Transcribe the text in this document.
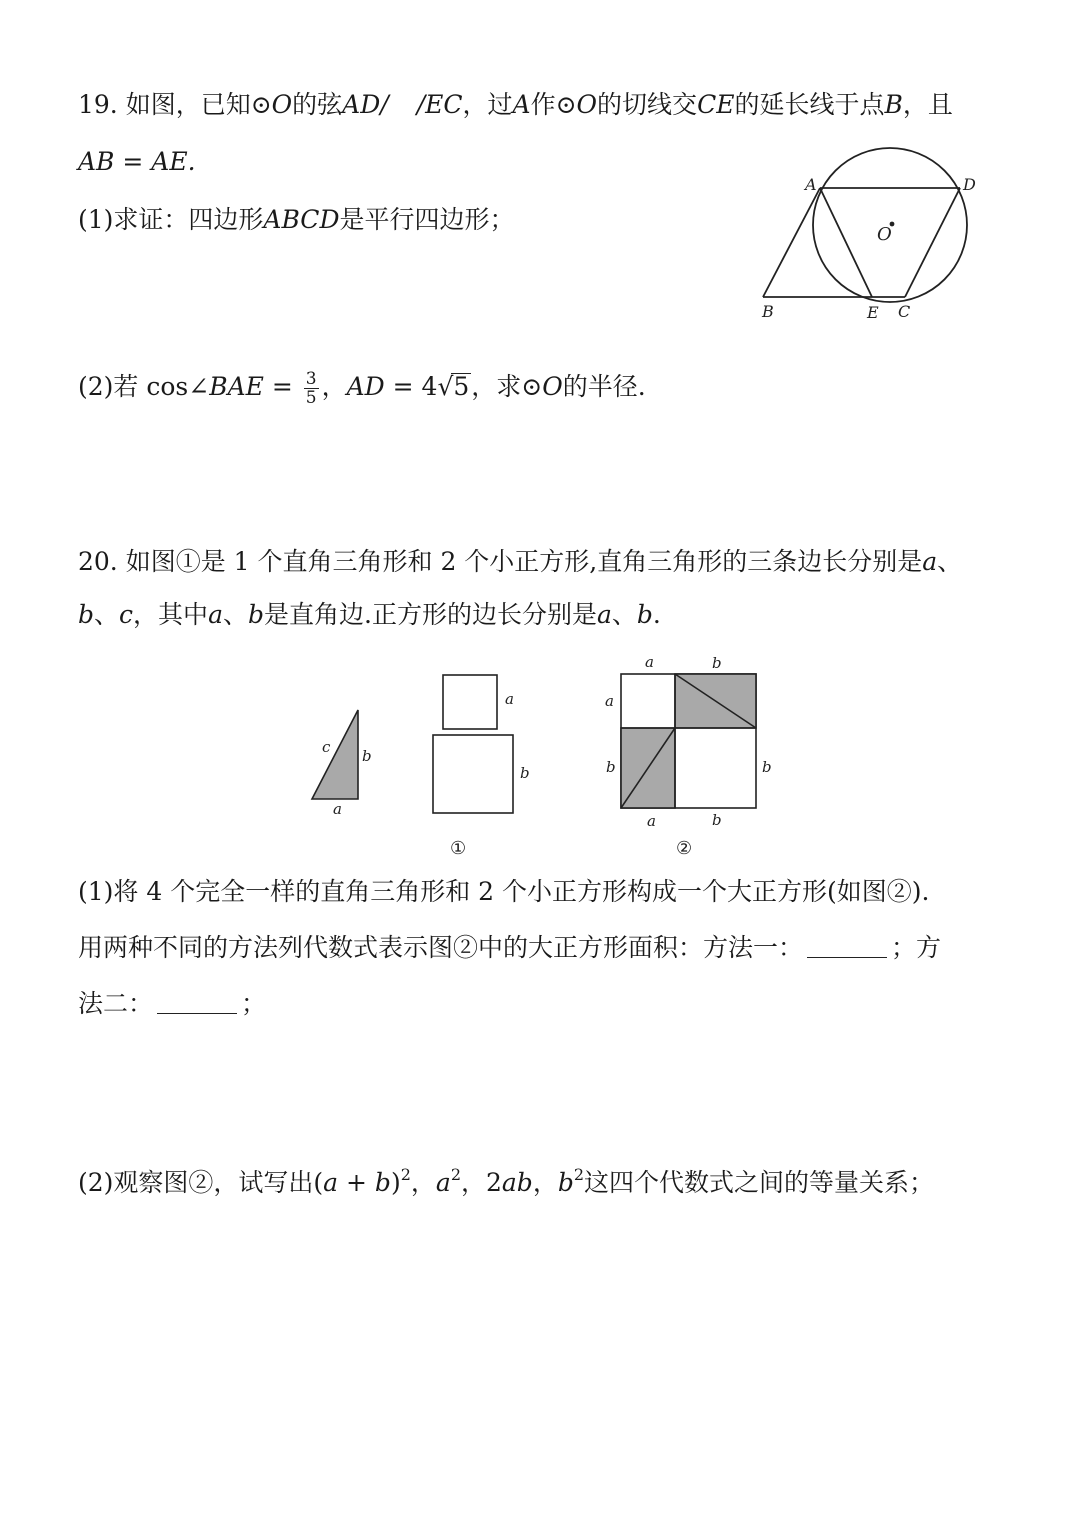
19. 如图，已知⊙O的弦AD/ /EC，过A作⊙O的切线交CE的延长线于点B，且
AB = AE.
(1)求证：四边形ABCD是平行四边形；
(2)若 cos∠BAE = $\frac{3}{5}$ ，AD = 4√5，求⊙O的半径.
A	D
O
B	E C
20. 如图①是 1 个直角三角形和 2 个小正方形,直角三角形的三条边长分别是a、
b、c，其中a、b是直角边.正方形的边长分别是a、b.
c b
a
a
b
①
a	b
a
b	b
a	b
②
(1)将 4 个完全一样的直角三角形和 2 个小正方形构成一个大正方形(如图②).
用两种不同的方法列代数式表示图②中的大正方形面积：方法一：	；方
法二：	；
(2)观察图②，试写出$(a + b)^2$，$a^2$，2ab，$b^2$这四个代数式之间的等量关系；
